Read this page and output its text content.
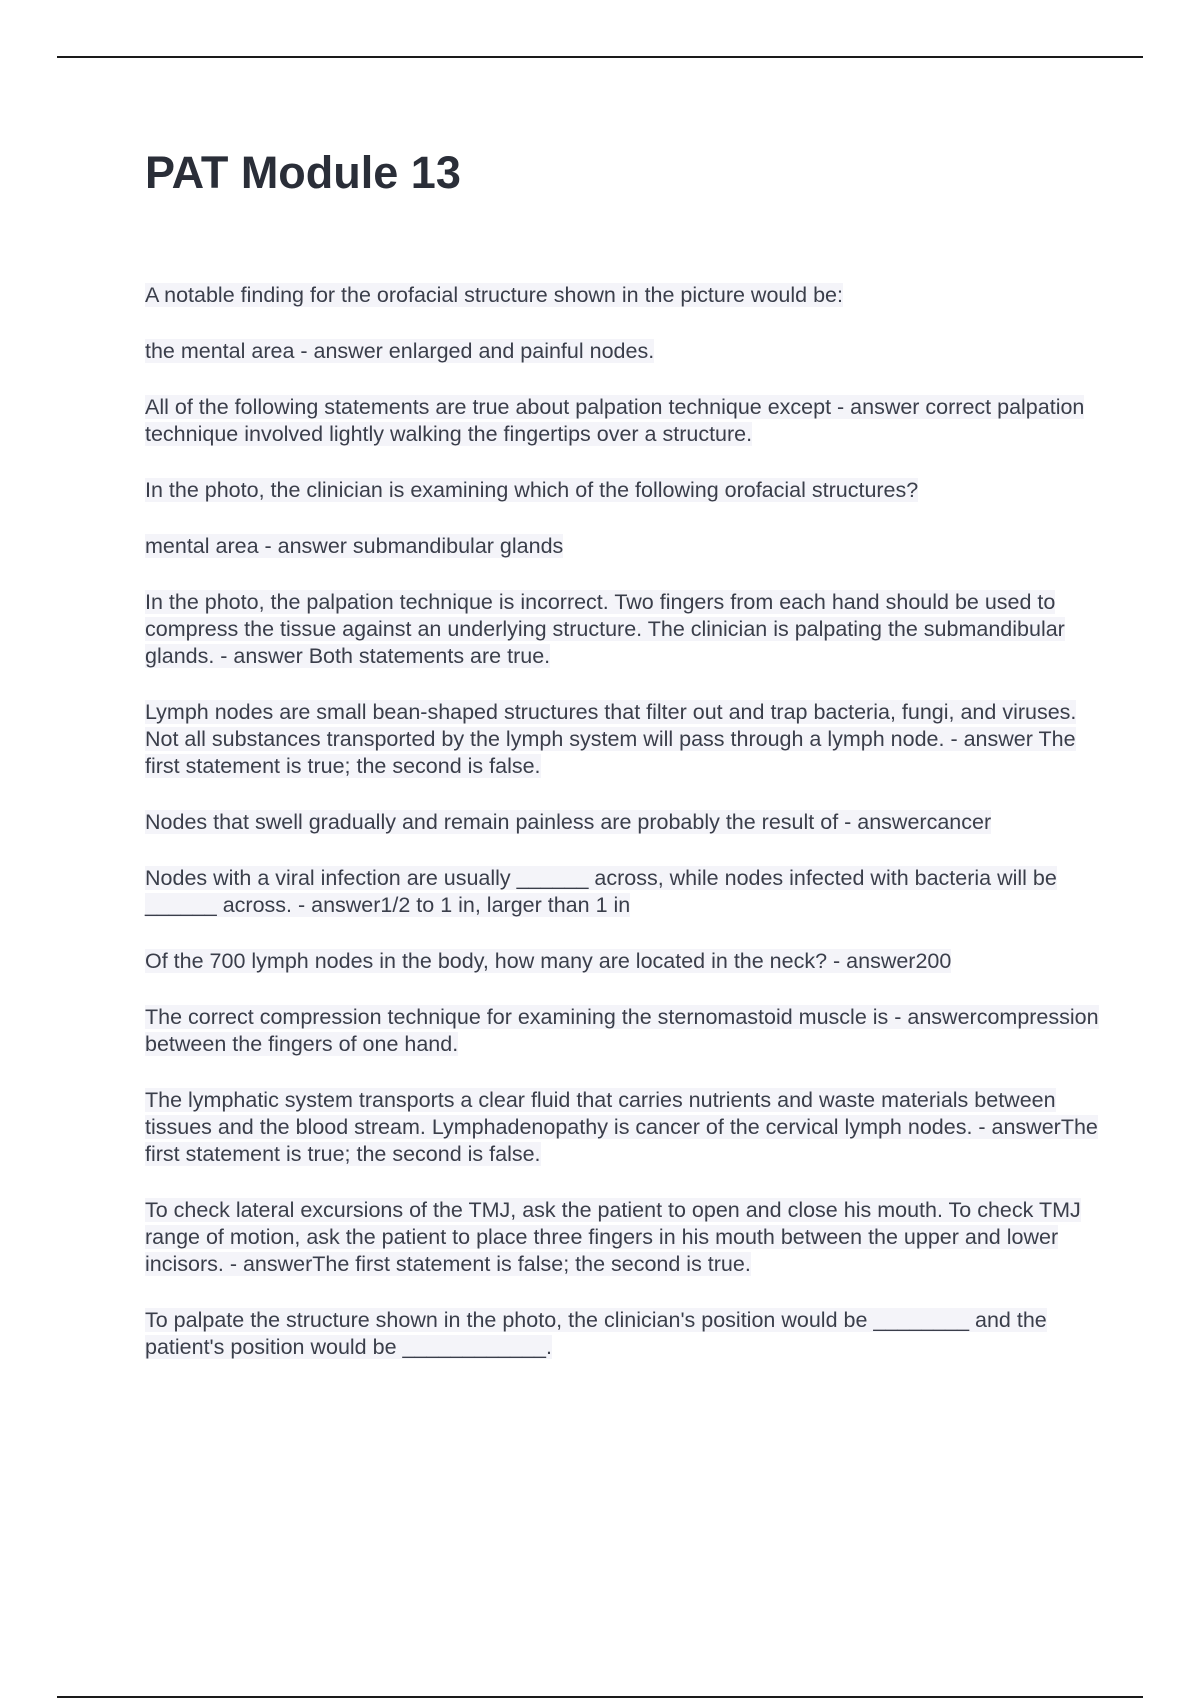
PAT Module 13

A notable finding for the orofacial structure shown in the picture would be:

the mental area - answer enlarged and painful nodes.

All of the following statements are true about palpation technique except - answer correct palpation technique involved lightly walking the fingertips over a structure.

In the photo, the clinician is examining which of the following orofacial structures?

mental area - answer submandibular glands

In the photo, the palpation technique is incorrect. Two fingers from each hand should be used to compress the tissue against an underlying structure. The clinician is palpating the submandibular glands. - answer Both statements are true.

Lymph nodes are small bean-shaped structures that filter out and trap bacteria, fungi, and viruses. Not all substances transported by the lymph system will pass through a lymph node. - answer The first statement is true; the second is false.

Nodes that swell gradually and remain painless are probably the result of - answercancer

Nodes with a viral infection are usually ______ across, while nodes infected with bacteria will be ______ across. - answer1/2 to 1 in, larger than 1 in

Of the 700 lymph nodes in the body, how many are located in the neck? - answer200

The correct compression technique for examining the sternomastoid muscle is - answercompression between the fingers of one hand.

The lymphatic system transports a clear fluid that carries nutrients and waste materials between tissues and the blood stream. Lymphadenopathy is cancer of the cervical lymph nodes. - answerThe first statement is true; the second is false.

To check lateral excursions of the TMJ, ask the patient to open and close his mouth. To check TMJ range of motion, ask the patient to place three fingers in his mouth between the upper and lower incisors. - answerThe first statement is false; the second is true.

To palpate the structure shown in the photo, the clinician's position would be ________ and the patient's position would be ____________.
